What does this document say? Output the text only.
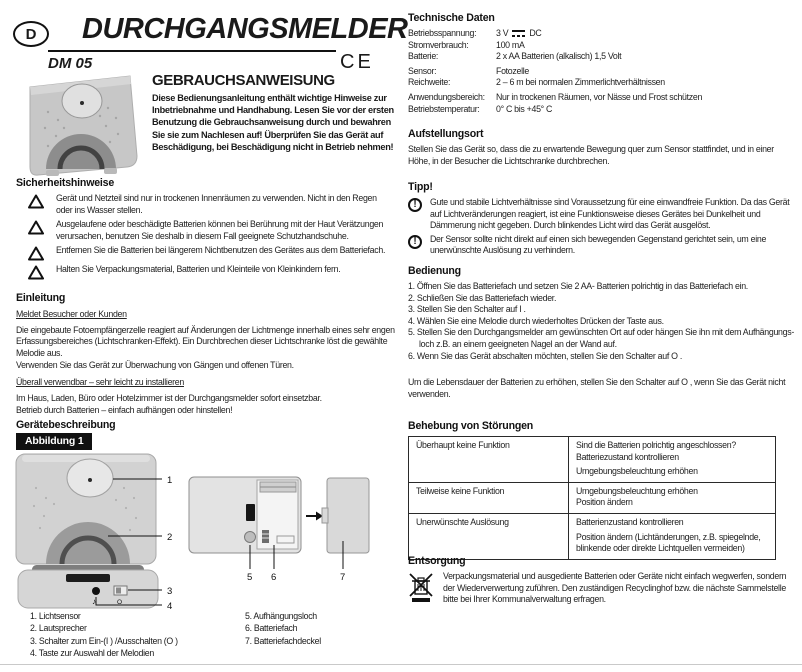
D DURCHGANGSMELDER
DM 05	CE
GEBRAUCHSANWEISUNG
Diese Bedienungsanleitung enthält wichtige Hinweise zur Inbetriebnahme und Handhabung. Lesen Sie vor der ersten Benutzung die Gebrauchsanweisung durch und bewahren Sie sie zum Nachlesen auf! Überprüfen Sie das Gerät auf Beschädigung, bei Beschädigung nicht in Betrieb nehmen!
Sicherheitshinweise
Gerät und Netzteil sind nur in trockenen Innenräumen zu verwenden. Nicht in den Regen oder ins Wasser stellen.
Ausgelaufene oder beschädigte Batterien können bei Berührung mit der Haut Verätzungen verursachen, benutzen Sie deshalb in diesem Fall geeignete Schutzhandschuhe.
Entfernen Sie die Batterien bei längerem Nichtbenutzen des Gerätes aus dem Batteriefach.
Halten Sie Verpackungsmaterial, Batterien und Kleinteile von Kleinkindern fern.
Einleitung
Meldet Besucher oder Kunden

Die eingebaute Fotoempfängerzelle reagiert auf Änderungen der Lichtmenge innerhalb eines sehr engen Erfassungsbereiches (Lichtschranken-Effekt). Ein Durchbrechen dieser Lichtschranke löst die gewählte Melodie aus.

Verwenden Sie das Gerät zur Überwachung von Gängen und offenen Türen.

Überall verwendbar – sehr leicht zu installieren

Im Haus, Laden, Büro oder Hotelzimmer ist der Durchgangsmelder sofort einsetzbar.

Betrieb durch Batterien – einfach aufhängen oder hinstellen!

Gerätebeschreibung
Abbildung 1
1
2
♪	O
3
4
5 6	7
1. Lichtsensor
2. Lautsprecher
3. Schalter zum Ein-(I ) /Ausschalten (O )
4. Taste zur Auswahl der Melodien
5. Aufhängungsloch
6. Batteriefach
7. Batteriefachdeckel
Technische Daten
Betriebsspannung:	3 V DC
Stromverbrauch:	100 mA
Batterie:	2 x AA Batterien (alkalisch) 1,5 Volt
Sensor:	Fotozelle
Reichweite:	2 – 6 m bei normalen Zimmerlichtverhältnissen
Anwendungsbereich:	Nur in trockenen Räumen, vor Nässe und Frost schützen
Betriebstemperatur:	0° C bis +45° C
Aufstellungsort
Stellen Sie das Gerät so, dass die zu erwartende Bewegung quer zum Sensor stattfindet, und in einer Höhe, in der Besucher die Lichtschranke durchbrechen.
Tipp!
!	Gute und stabile Lichtverhältnisse sind Voraussetzung für eine einwandfreie Funktion. Da das Gerät auf Lichtveränderungen reagiert, ist eine Funktionsweise dieses Gerätes bei Dunkelheit und Dämmerung nicht gegeben. Durch blinkendes Licht wird das Gerät ausgelöst.
!	Der Sensor sollte nicht direkt auf einen sich bewegenden Gegenstand gerichtet sein, um eine unerwünschte Auslösung zu verhindern.
Bedienung
1. Öffnen Sie das Batteriefach und setzen Sie 2 AA- Batterien polrichtig in das Batteriefach ein.
2. Schließen Sie das Batteriefach wieder.
3. Stellen Sie den Schalter auf I .
4. Wählen Sie eine Melodie durch wiederholtes Drücken der Taste aus.
5. Stellen Sie den Durchgangsmelder am gewünschten Ort auf oder hängen Sie ihn mit dem Aufhängungs-loch z.B. an einem geeigneten Nagel an der Wand auf.
6. Wenn Sie das Gerät abschalten möchten, stellen Sie den Schalter auf O .
Um die Lebensdauer der Batterien zu erhöhen, stellen Sie den Schalter auf O , wenn Sie das Gerät nicht verwenden.
Behebung von Störungen
Überhaupt keine Funktion	Sind die Batterien polrichtig angeschlossen?
Batteriezustand kontrollieren
Umgebungsbeleuchtung erhöhen

Teilweise keine Funktion	Umgebungsbeleuchtung erhöhen
Position ändern

Unerwünschte Auslösung	Batterienzustand kontrollieren
Position ändern (Lichtänderungen, z.B. spiegelnde, blinkende oder direkte Lichtquellen vermeiden)
Entsorgung
Verpackungsmaterial und ausgediente Batterien oder Geräte nicht einfach wegwerfen, sondern der Wiederverwertung zuführen. Den zuständigen Recyclinghof bzw. die nächste Sammelstelle bitte bei Ihrer Kommunalverwaltung erfragen.
